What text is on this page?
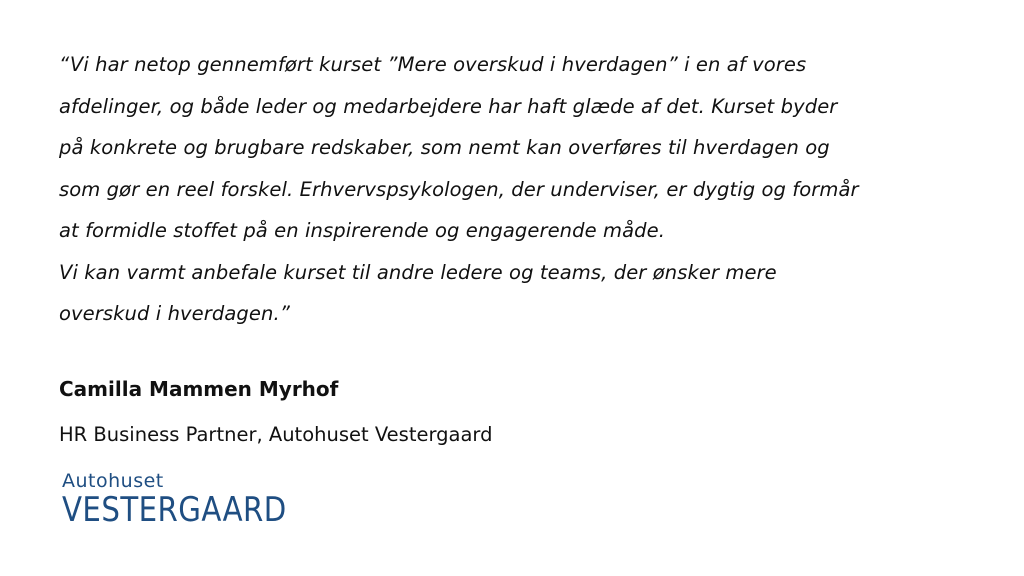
“Vi har netop gennemført kurset ”Mere overskud i hverdagen” i en af vores
afdelinger, og både leder og medarbejdere har haft glæde af det. Kurset byder
på konkrete og brugbare redskaber, som nemt kan overføres til hverdagen og
som gør en reel forskel. Erhvervspsykologen, der underviser, er dygtig og formår
at formidle stoffet på en inspirerende og engagerende måde.
Vi kan varmt anbefale kurset til andre ledere og teams, der ønsker mere
overskud i hverdagen.”

Camilla Mammen Myrhof

HR Business Partner, Autohuset Vestergaard

Autohuset
VESTERGAARD
